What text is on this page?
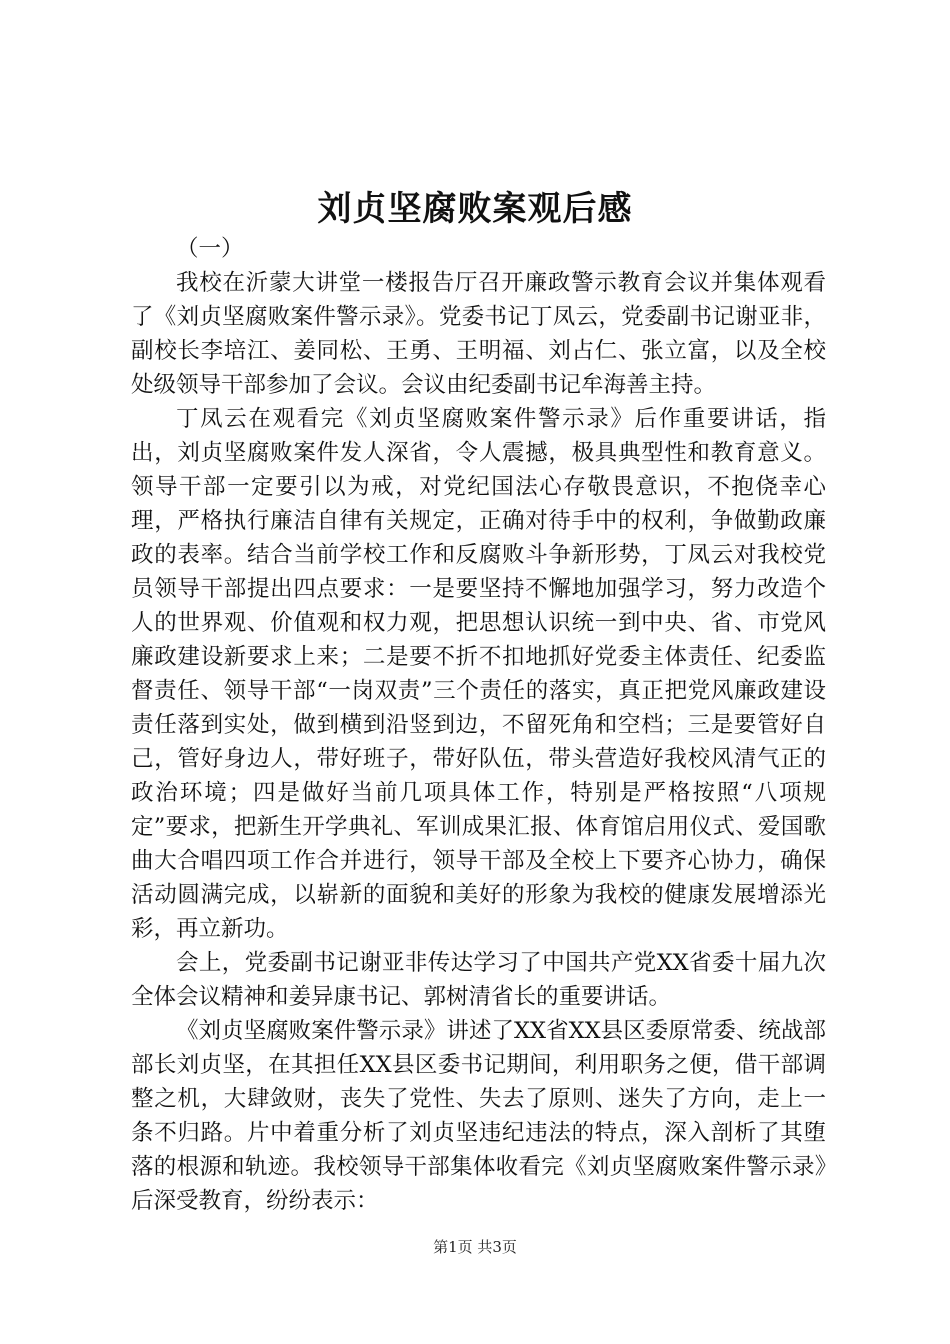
刘贞坚腐败案观后感

（一）

我校在沂蒙大讲堂一楼报告厅召开廉政警示教育会议并集体观看了《刘贞坚腐败案件警示录》。党委书记丁凤云，党委副书记谢亚非，副校长李培江、姜同松、王勇、王明福、刘占仁、张立富，以及全校处级领导干部参加了会议。会议由纪委副书记牟海善主持。

丁凤云在观看完《刘贞坚腐败案件警示录》后作重要讲话，指出，刘贞坚腐败案件发人深省，令人震撼，极具典型性和教育意义。领导干部一定要引以为戒，对党纪国法心存敬畏意识，不抱侥幸心理，严格执行廉洁自律有关规定，正确对待手中的权利，争做勤政廉政的表率。结合当前学校工作和反腐败斗争新形势，丁凤云对我校党员领导干部提出四点要求：一是要坚持不懈地加强学习，努力改造个人的世界观、价值观和权力观，把思想认识统一到中央、省、市党风廉政建设新要求上来；二是要不折不扣地抓好党委主体责任、纪委监督责任、领导干部“一岗双责”三个责任的落实，真正把党风廉政建设责任落到实处，做到横到沿竖到边，不留死角和空档；三是要管好自己，管好身边人，带好班子，带好队伍，带头营造好我校风清气正的政治环境；四是做好当前几项具体工作，特别是严格按照“八项规定”要求，把新生开学典礼、军训成果汇报、体育馆启用仪式、爱国歌曲大合唱四项工作合并进行，领导干部及全校上下要齐心协力，确保活动圆满完成，以崭新的面貌和美好的形象为我校的健康发展增添光彩，再立新功。

会上，党委副书记谢亚非传达学习了中国共产党XX省委十届九次全体会议精神和姜异康书记、郭树清省长的重要讲话。

《刘贞坚腐败案件警示录》讲述了XX省XX县区委原常委、统战部部长刘贞坚，在其担任XX县区委书记期间，利用职务之便，借干部调整之机，大肆敛财，丧失了党性、失去了原则、迷失了方向，走上一条不归路。片中着重分析了刘贞坚违纪违法的特点，深入剖析了其堕落的根源和轨迹。我校领导干部集体收看完《刘贞坚腐败案件警示录》后深受教育，纷纷表示：

第1页 共3页
